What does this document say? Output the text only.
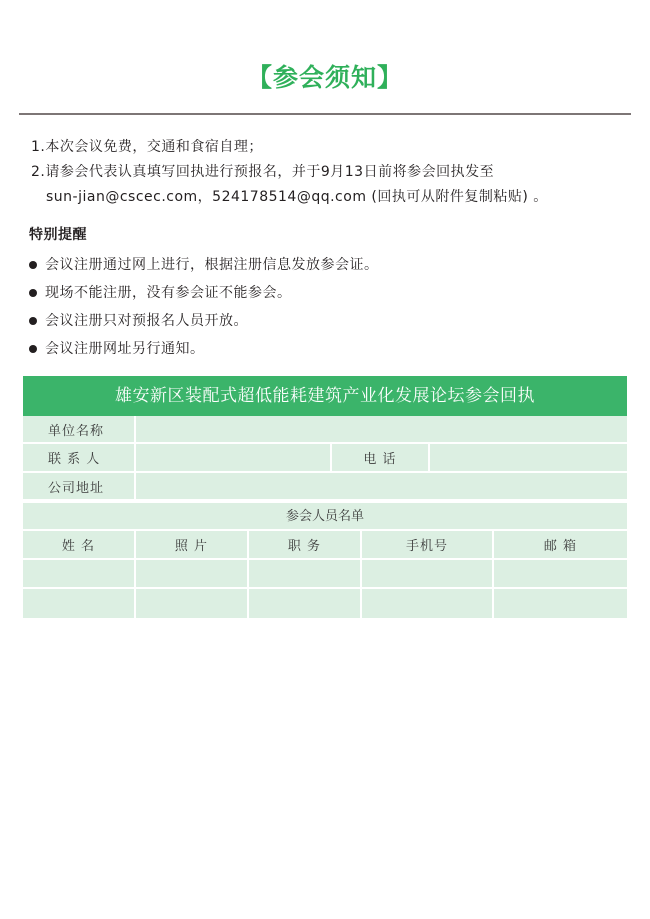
【参会须知】
1.本次会议免费，交通和食宿自理；
2.请参会代表认真填写回执进行预报名，并于9月13日前将参会回执发至
sun-jian@cscec.com，524178514@qq.com (回执可从附件复制粘贴) 。
特别提醒
会议注册通过网上进行，根据注册信息发放参会证。
现场不能注册，没有参会证不能参会。
会议注册只对预报名人员开放。
会议注册网址另行通知。
雄安新区装配式超低能耗建筑产业化发展论坛参会回执
单位名称
联 系 人	电 话
公司地址
参会人员名单
姓 名	照 片	职 务	手机号	邮 箱
